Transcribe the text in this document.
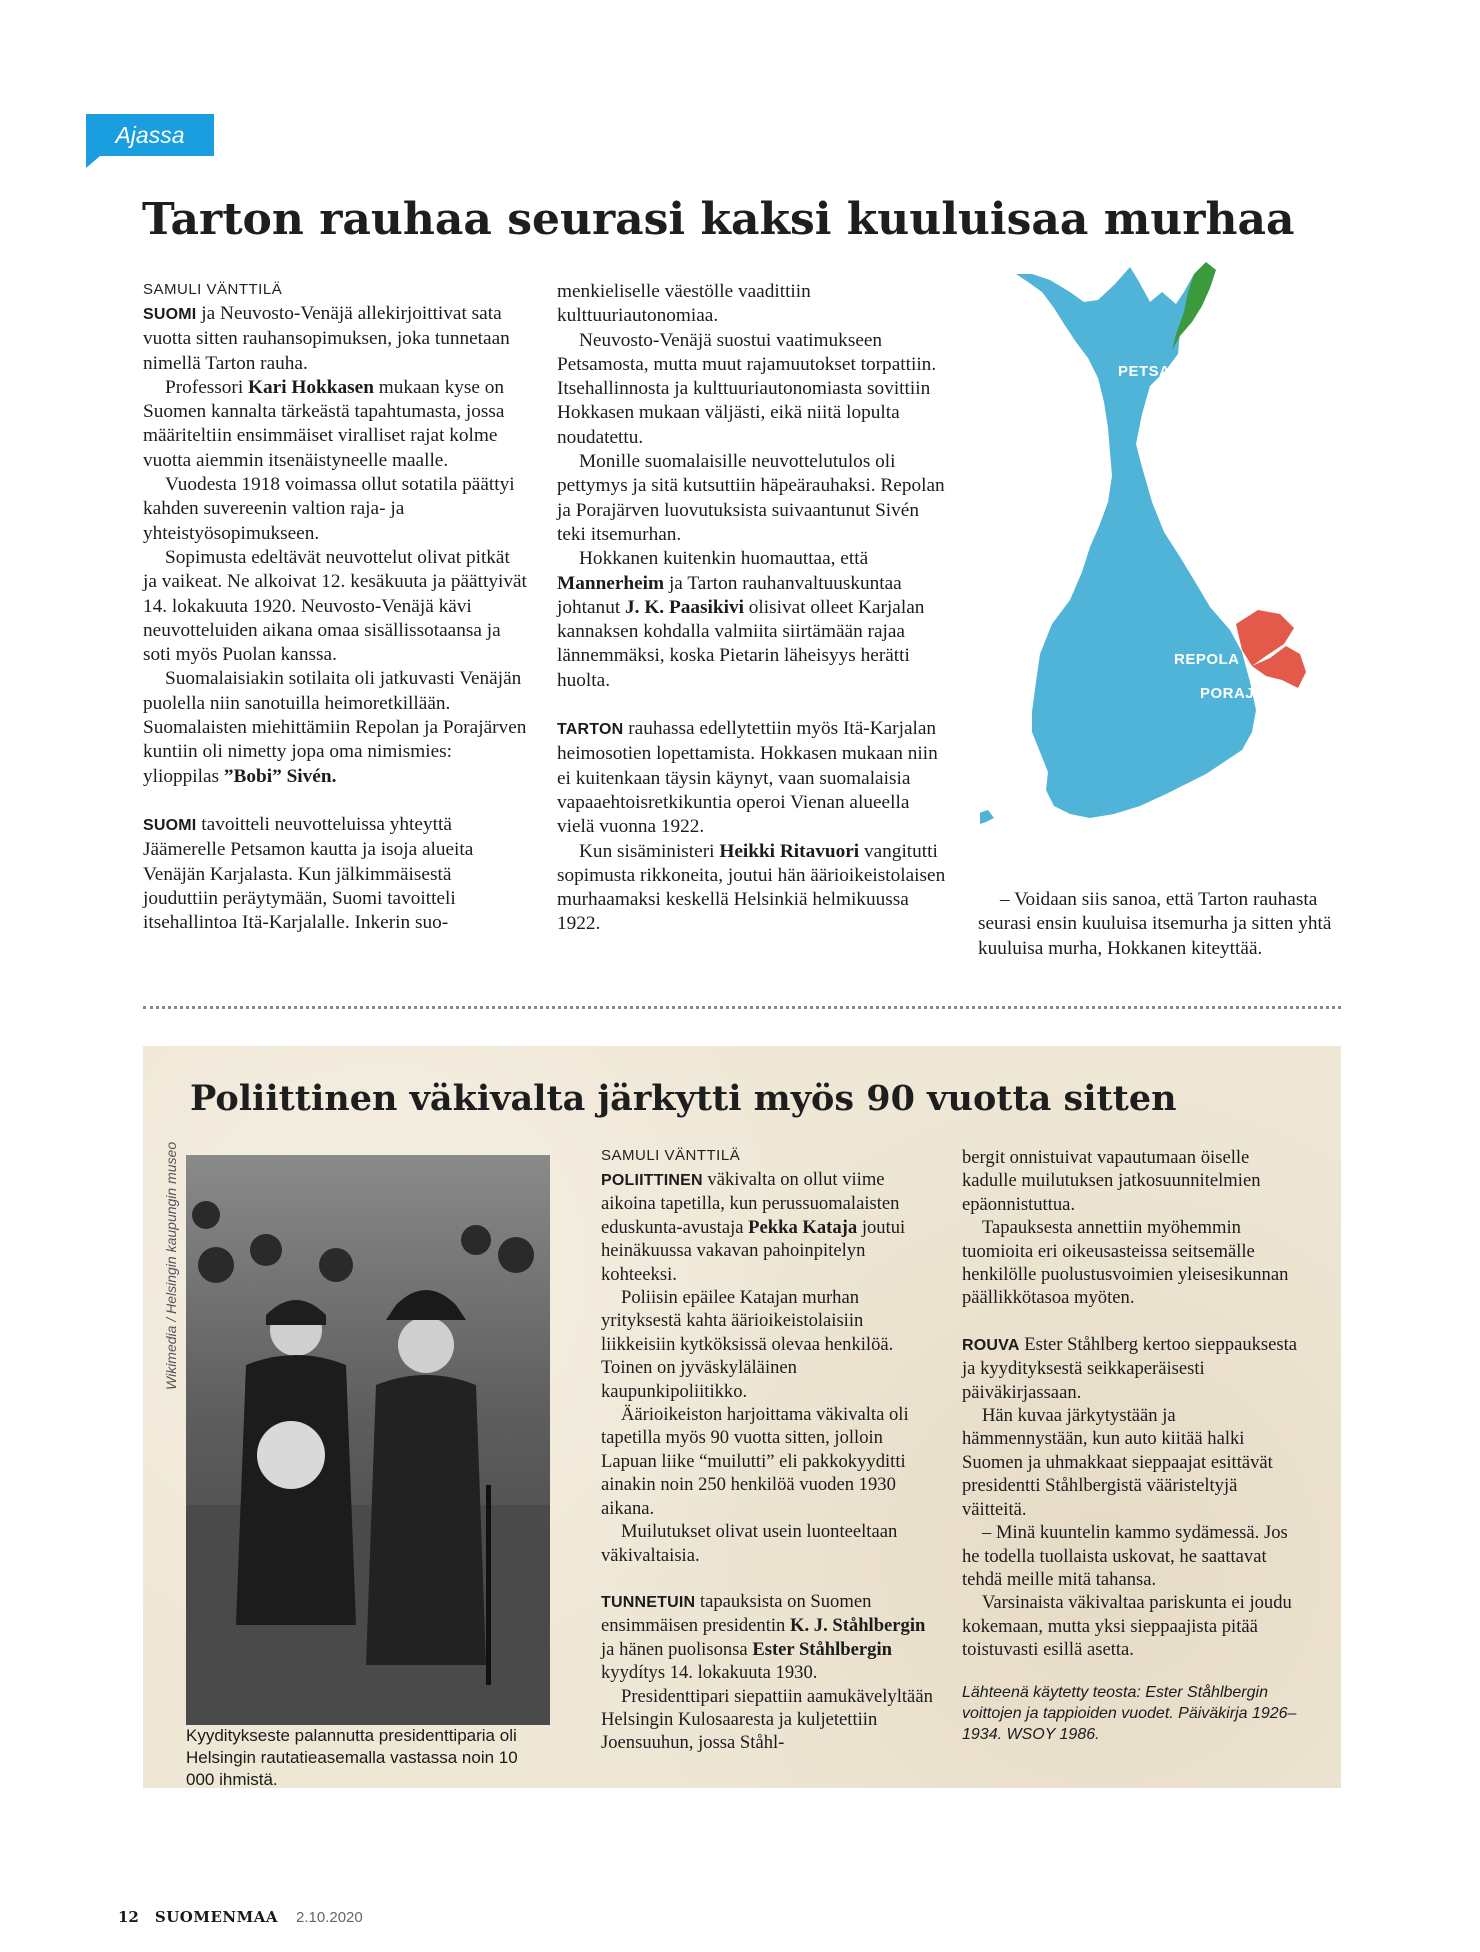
Ajassa
Tarton rauhaa seurasi kaksi kuuluisaa murhaa
SAMULI VÄNTTILÄ

SUOMI ja Neuvosto-Venäjä allekirjoittivat sata vuotta sitten rauhansopimuksen, joka tunnetaan nimellä Tarton rauha.

Professori Kari Hokkasen mukaan kyse on Suomen kannalta tärkeästä tapahtumasta, jossa määriteltiin ensimmäiset viralliset rajat kolme vuotta aiemmin itsenäistyneelle maalle.

Vuodesta 1918 voimassa ollut sotatila päättyi kahden suvereenin valtion raja- ja yhteistyösopimukseen.

Sopimusta edeltävät neuvottelut olivat pitkät ja vaikeat. Ne alkoivat 12. kesäkuuta ja päättyivät 14. lokakuuta 1920. Neuvosto-Venäjä kävi neuvotteluiden aikana omaa sisällissotaansa ja soti myös Puolan kanssa.

Suomalaisiakin sotilaita oli jatkuvasti Venäjän puolella niin sanotuilla heimoretkillään. Suomalaisten miehittämiin Repolan ja Porajärven kuntiin oli nimetty jopa oma nimismies: ylioppilas ”Bobi” Sivén.

SUOMI tavoitteli neuvotteluissa yhteyttä Jäämerelle Petsamon kautta ja isoja alueita Venäjän Karjalasta. Kun jälkimmäisestä jouduttiin peräytymään, Suomi tavoitteli itsehallintoa Itä-Karjalalle. Inkerin suo-

menkieliselle väestölle vaadittiin kulttuuriautonomiaa.

Neuvosto-Venäjä suostui vaatimukseen Petsamosta, mutta muut rajamuutokset torpattiin. Itsehallinnosta ja kulttuuriautonomiasta sovittiin Hokkasen mukaan väljästi, eikä niitä lopulta noudatettu.

Monille suomalaisille neuvottelutulos oli pettymys ja sitä kutsuttiin häpeärauhaksi. Repolan ja Porajärven luovutuksista suivaantunut Sivén teki itsemurhan.

Hokkanen kuitenkin huomauttaa, että Mannerheim ja Tarton rauhanvaltuuskuntaa johtanut J. K. Paasikivi olisivat olleet Karjalan kannaksen kohdalla valmiita siirtämään rajaa lännemmäksi, koska Pietarin läheisyys herätti huolta.

TARTON rauhassa edellytettiin myös Itä-Karjalan heimosotien lopettamista. Hokkasen mukaan niin ei kuitenkaan täysin käynyt, vaan suomalaisia vapaaehtoisretkikuntia operoi Vienan alueella vielä vuonna 1922.

Kun sisäministeri Heikki Ritavuori vangitutti sopimusta rikkoneita, joutui hän äärioikeistolaisen murhaamaksi keskellä Helsinkiä helmikuussa 1922.

PETSAMO
REPOLA
PORAJÄRVI

– Voidaan siis sanoa, että Tarton rauhasta seurasi ensin kuuluisa itsemurha ja sitten yhtä kuuluisa murha, Hokkanen kiteyttää.

Poliittinen väkivalta järkytti myös 90 vuotta sitten
Wikimedia / Helsingin kaupungin museo
Kyyditykseste palannutta presidenttiparia oli Helsingin rautatieasemalla vastassa noin 10 000 ihmistä.
SAMULI VÄNTTILÄ

POLIITTINEN väkivalta on ollut viime aikoina tapetilla, kun perussuomalaisten eduskunta-avustaja Pekka Kataja joutui heinäkuussa vakavan pahoinpitelyn kohteeksi.

Poliisin epäilee Katajan murhan yrityksestä kahta äärioikeistolaisiin liikkeisiin kytköksissä olevaa henkilöä. Toinen on jyväskyläläinen kaupunkipoliitikko.

Äärioikeiston harjoittama väkivalta oli tapetilla myös 90 vuotta sitten, jolloin Lapuan liike “muilutti” eli pakkokyyditti ainakin noin 250 henkilöä vuoden 1930 aikana.

Muilutukset olivat usein luonteeltaan väkivaltaisia.

TUNNETUIN tapauksista on Suomen ensimmäisen presidentin K. J. Ståhlbergin ja hänen puolisonsa Ester Ståhlbergin kyydítys 14. lokakuuta 1930.

Presidenttipari siepattiin aamukävelyltään Helsingin Kulosaaresta ja kuljetettiin Joensuuhun, jossa Ståhl-

bergit onnistuivat vapautumaan öiselle kadulle muilutuksen jatkosuunnitelmien epäonnistuttua.

Tapauksesta annettiin myöhemmin tuomioita eri oikeusasteissa seitsemälle henkilölle puolustusvoimien yleisesikunnan päällikkötasoa myöten.

ROUVA Ester Ståhlberg kertoo sieppauksesta ja kyydityksestä seikkaperäisesti päiväkirjassaan.

Hän kuvaa järkytystään ja hämmennystään, kun auto kiitää halki Suomen ja uhmakkaat sieppaajat esittävät presidentti Ståhlbergistä vääristeltyjä väitteitä.

– Minä kuuntelin kammo sydämessä. Jos he todella tuollaista uskovat, he saattavat tehdä meille mitä tahansa.

Varsinaista väkivaltaa pariskunta ei joudu kokemaan, mutta yksi sieppaajista pitää toistuvasti esillä asetta.

Lähteenä käytetty teosta: Ester Ståhlbergin voittojen ja tappioiden vuodet. Päiväkirja 1926–1934. WSOY 1986.
12 SUOMENMAA 2.10.2020
